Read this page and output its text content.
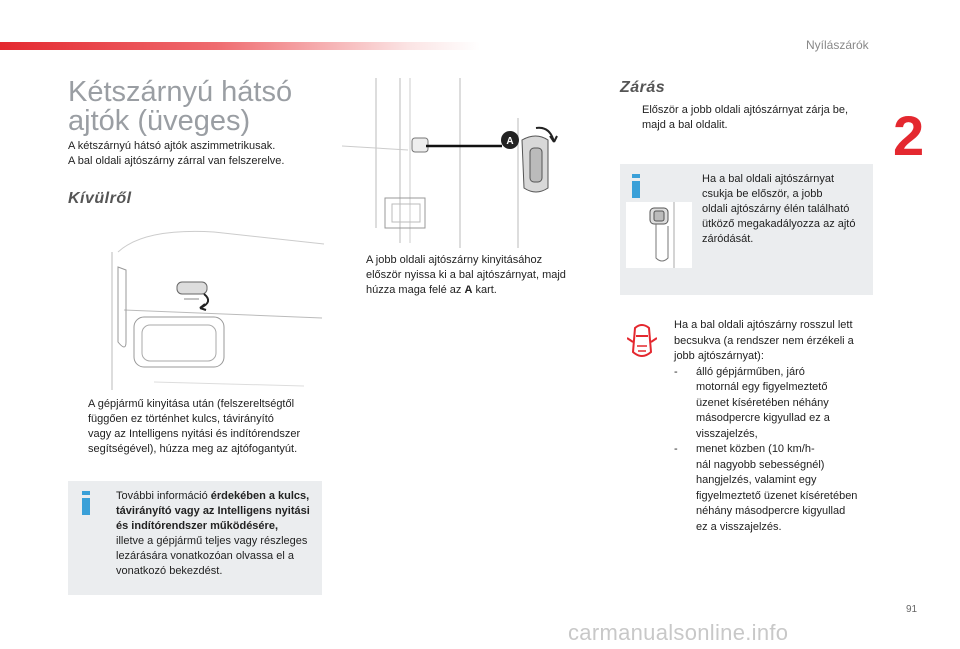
Nyílászárók
2
Kétszárnyú hátsó
ajtók (üveges)
A kétszárnyú hátsó ajtók aszimmetrikusak.
A bal oldali ajtószárny zárral van felszerelve.
Kívülről
A gépjármű kinyitása után (felszereltségtől
függően ez történhet kulcs, távirányító
vagy az Intelligens nyitási és indítórendszer
segítségével), húzza meg az ajtófogantyút.
További információ érdekében a kulcs,
távirányító vagy az Intelligens nyitási
és indítórendszer működésére,
illetve a gépjármű teljes vagy részleges
lezárására vonatkozóan olvassa el a
vonatkozó bekezdést.
A
A jobb oldali ajtószárny kinyitásához
először nyissa ki a bal ajtószárnyat, majd
húzza maga felé az A kart.
Zárás
Először a jobb oldali ajtószárnyat zárja be,
majd a bal oldalit.
Ha a bal oldali ajtószárnyat
csukja be először, a jobb
oldali ajtószárny élén található
ütköző megakadályozza az ajtó
záródását.
Ha a bal oldali ajtószárny rosszul lett
becsukva (a rendszer nem érzékeli a
jobb ajtószárnyat):
-	álló gépjárműben, járó
motornál egy figyelmeztető
üzenet kíséretében néhány
másodpercre kigyullad ez a
visszajelzés,
-	menet közben (10 km/h-
nál nagyobb sebességnél)
hangjelzés, valamint egy
figyelmeztető üzenet kíséretében
néhány másodpercre kigyullad
ez a visszajelzés.
91
carmanualsonline.info
